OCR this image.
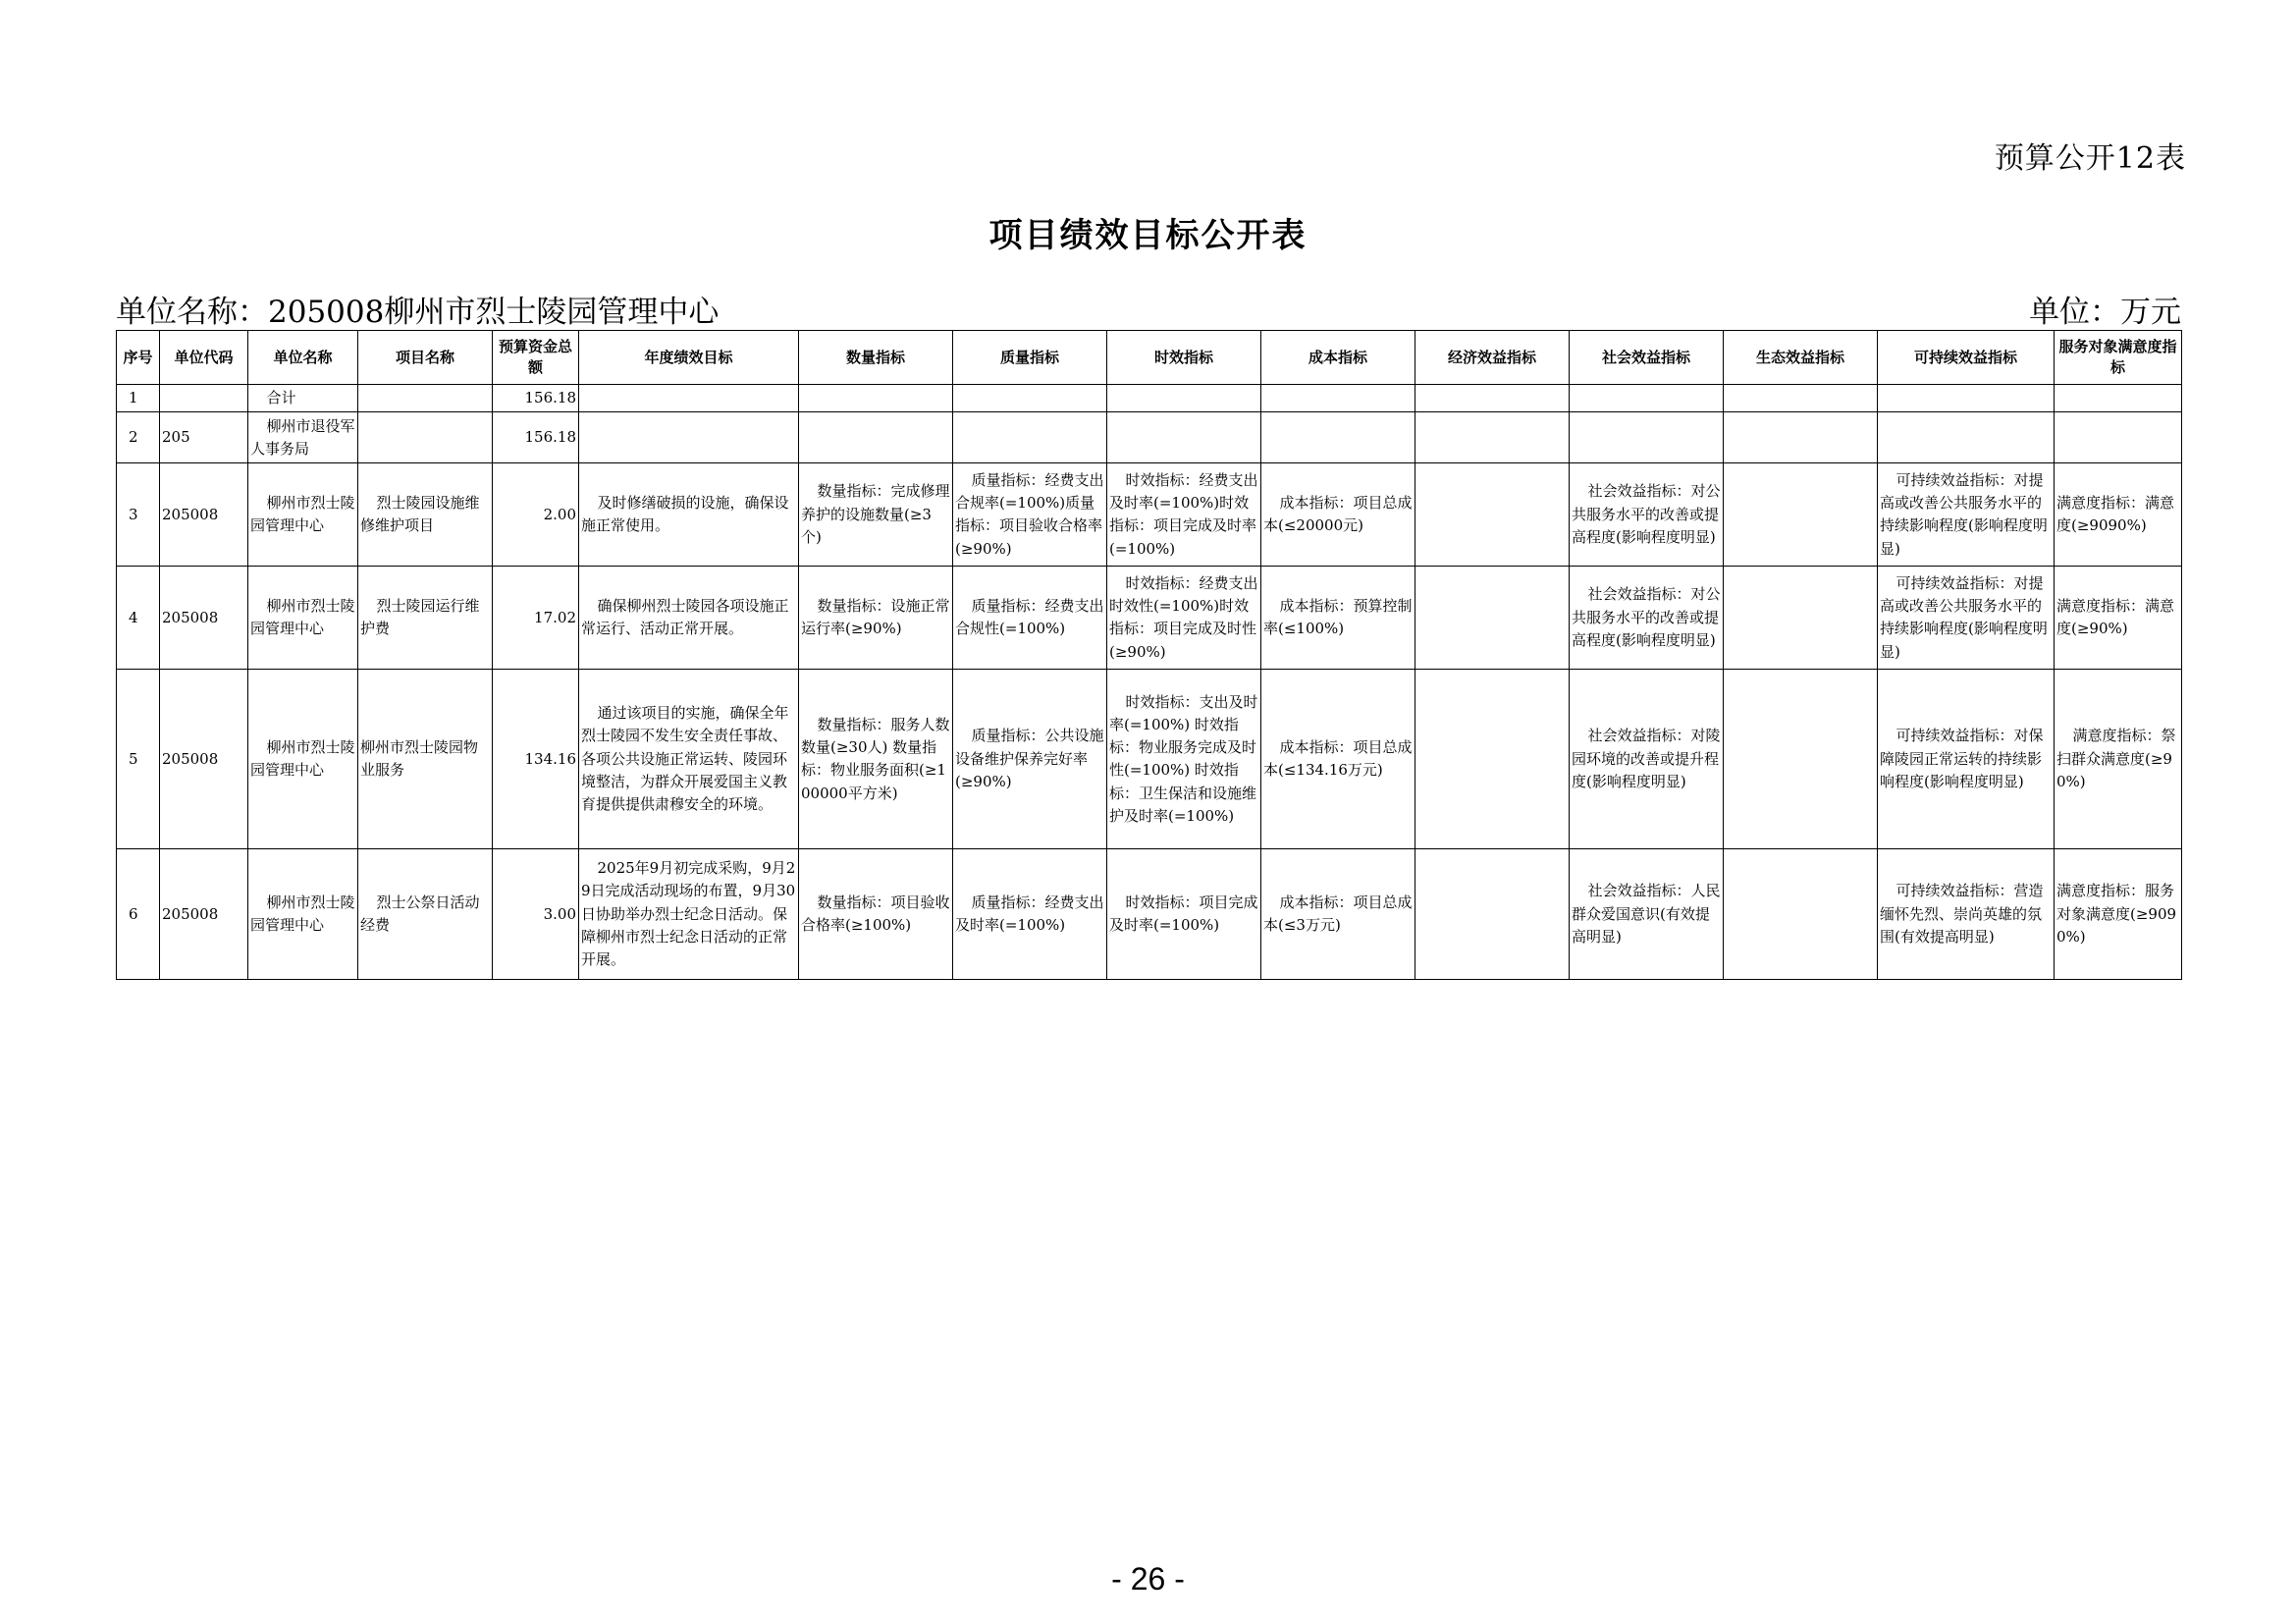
预算公开12表
项目绩效目标公开表
单位名称：205008柳州市烈士陵园管理中心	单位：万元
序号	单位代码	单位名称	项目名称	预算资金总额	年度绩效目标	数量指标	质量指标	时效指标	成本指标	经济效益指标	社会效益指标	生态效益指标	可持续效益指标	服务对象满意度指标
1		合计		156.18										
2	205	柳州市退役军人事务局		156.18										
3	205008	柳州市烈士陵园管理中心	烈士陵园设施维修维护项目	2.00	及时修缮破损的设施，确保设施正常使用。	数量指标：完成修理养护的设施数量(≥3个)	质量指标：经费支出合规率(=100%)质量指标：项目验收合格率(≥90%)	时效指标：经费支出及时率(=100%)时效指标：项目完成及时率(=100%)	成本指标：项目总成本(≤20000元)		社会效益指标：对公共服务水平的改善或提高程度(影响程度明显)		可持续效益指标：对提高或改善公共服务水平的持续影响程度(影响程度明显)	满意度指标：满意度(≥9090%)
4	205008	柳州市烈士陵园管理中心	烈士陵园运行维护费	17.02	确保柳州烈士陵园各项设施正常运行、活动正常开展。	数量指标：设施正常运行率(≥90%)	质量指标：经费支出合规性(=100%)	时效指标：经费支出时效性(=100%)时效指标：项目完成及时性(≥90%)	成本指标：预算控制率(≤100%)		社会效益指标：对公共服务水平的改善或提高程度(影响程度明显)		可持续效益指标：对提高或改善公共服务水平的持续影响程度(影响程度明显)	满意度指标：满意度(≥90%)
5	205008	柳州市烈士陵园管理中心	柳州市烈士陵园物业服务	134.16	通过该项目的实施，确保全年烈士陵园不发生安全责任事故、各项公共设施正常运转、陵园环境整洁，为群众开展爱国主义教育提供提供肃穆安全的环境。	数量指标：服务人数数量(≥30人) 数量指标：物业服务面积(≥100000平方米)	质量指标：公共设施设备维护保养完好率(≥90%)	时效指标：支出及时率(=100%) 时效指标：物业服务完成及时性(=100%) 时效指标：卫生保洁和设施维护及时率(=100%)	成本指标：项目总成本(≤134.16万元)		社会效益指标：对陵园环境的改善或提升程度(影响程度明显)		可持续效益指标：对保障陵园正常运转的持续影响程度(影响程度明显)	满意度指标：祭扫群众满意度(≥90%)
6	205008	柳州市烈士陵园管理中心	烈士公祭日活动经费	3.00	2025年9月初完成采购，9月29日完成活动现场的布置，9月30日协助举办烈士纪念日活动。保障柳州市烈士纪念日活动的正常开展。	数量指标：项目验收合格率(≥100%)	质量指标：经费支出及时率(=100%)	时效指标：项目完成及时率(=100%)	成本指标：项目总成本(≤3万元)		社会效益指标：人民群众爱国意识(有效提高明显)		可持续效益指标：营造缅怀先烈、崇尚英雄的氛围(有效提高明显)	满意度指标：服务对象满意度(≥9090%)
- 26 -
